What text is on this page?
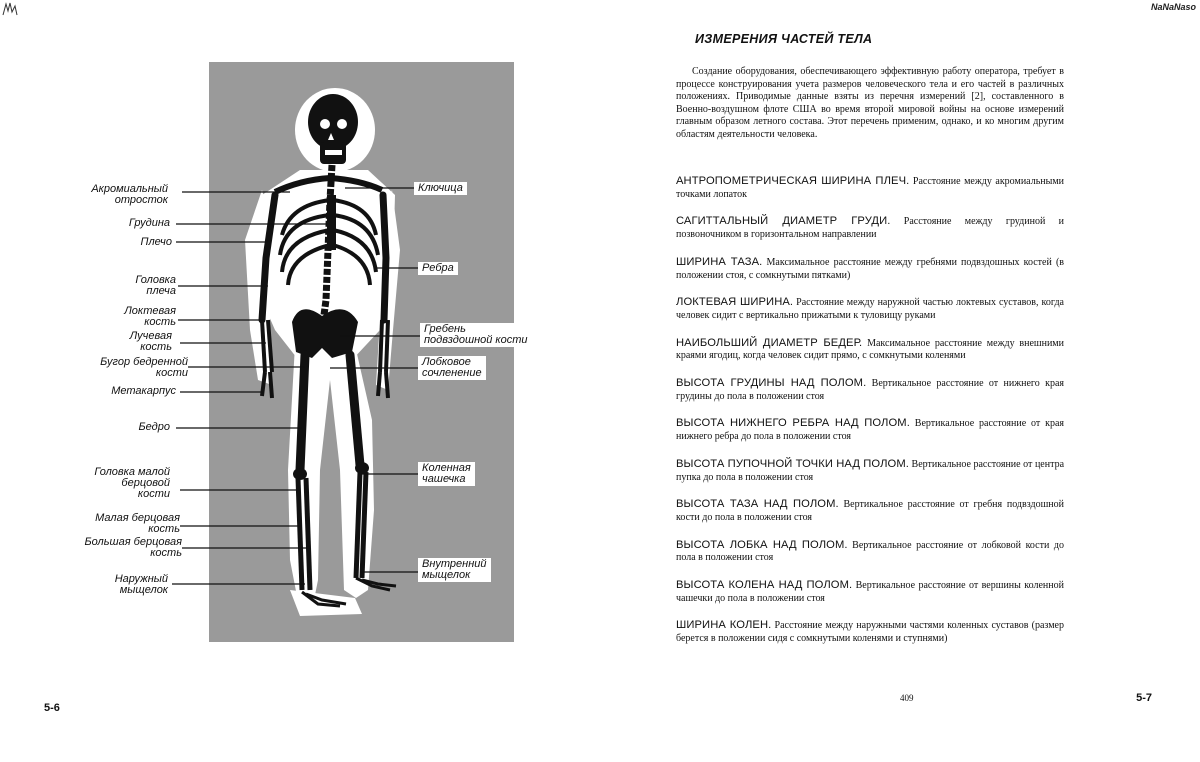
Акромиальный
отросток
Грудина
Плечо
Головка
плеча
Локтевая
кость
Лучевая
кость
Бугор бедренной
кости
Метакарпус
Бедро
Головка малой
берцовой
кости
Малая берцовая
кость
Большая берцовая
кость
Наружный
мыщелок
Ключица
Ребра
Гребень
подвздошной кости
Лобковое
сочленение
Коленная
чашечка
Внутренний
мыщелок
5-6
NaNaNaso
ИЗМЕРЕНИЯ ЧАСТЕЙ ТЕЛА
Создание оборудования, обеспечивающего эффективную работу оператора, требует в процессе конструирования учета размеров человеческого тела и его частей в различных положениях. Приводимые данные взяты из перечня измерений [2], составленного в Военно-воздушном флоте США во время второй мировой войны на основе измерений главным образом летного состава. Этот перечень применим, однако, и ко многим другим областям деятельности человека.
АНТРОПОМЕТРИЧЕСКАЯ ШИРИНА ПЛЕЧ. Расстояние между акромиальными точками лопаток
САГИТТАЛЬНЫЙ ДИАМЕТР ГРУДИ. Расстояние между грудиной и позвоночником в горизонтальном направлении
ШИРИНА ТАЗА. Максимальное расстояние между гребнями подвздошных костей (в положении стоя, с сомкнутыми пятками)
ЛОКТЕВАЯ ШИРИНА. Расстояние между наружной частью локтевых суставов, когда человек сидит с вертикально прижатыми к туловищу руками
НАИБОЛЬШИЙ ДИАМЕТР БЕДЕР. Максимальное расстояние между внешними краями ягодиц, когда человек сидит прямо, с сомкнутыми коленями
ВЫСОТА ГРУДИНЫ НАД ПОЛОМ. Вертикальное расстояние от нижнего края грудины до пола в положении стоя
ВЫСОТА НИЖНЕГО РЕБРА НАД ПОЛОМ. Вертикальное расстояние от края нижнего ребра до пола в положении стоя
ВЫСОТА ПУПОЧНОЙ ТОЧКИ НАД ПОЛОМ. Вертикальное расстояние от центра пупка до пола в положении стоя
ВЫСОТА ТАЗА НАД ПОЛОМ. Вертикальное расстояние от гребня подвздошной кости до пола в положении стоя
ВЫСОТА ЛОБКА НАД ПОЛОМ. Вертикальное расстояние от лобковой кости до пола в положении стоя
ВЫСОТА КОЛЕНА НАД ПОЛОМ. Вертикальное расстояние от вершины коленной чашечки до пола в положении стоя
ШИРИНА КОЛЕН. Расстояние между наружными частями коленных суставов (размер берется в положении сидя с сомкнутыми коленями и ступнями)
409	5-7
